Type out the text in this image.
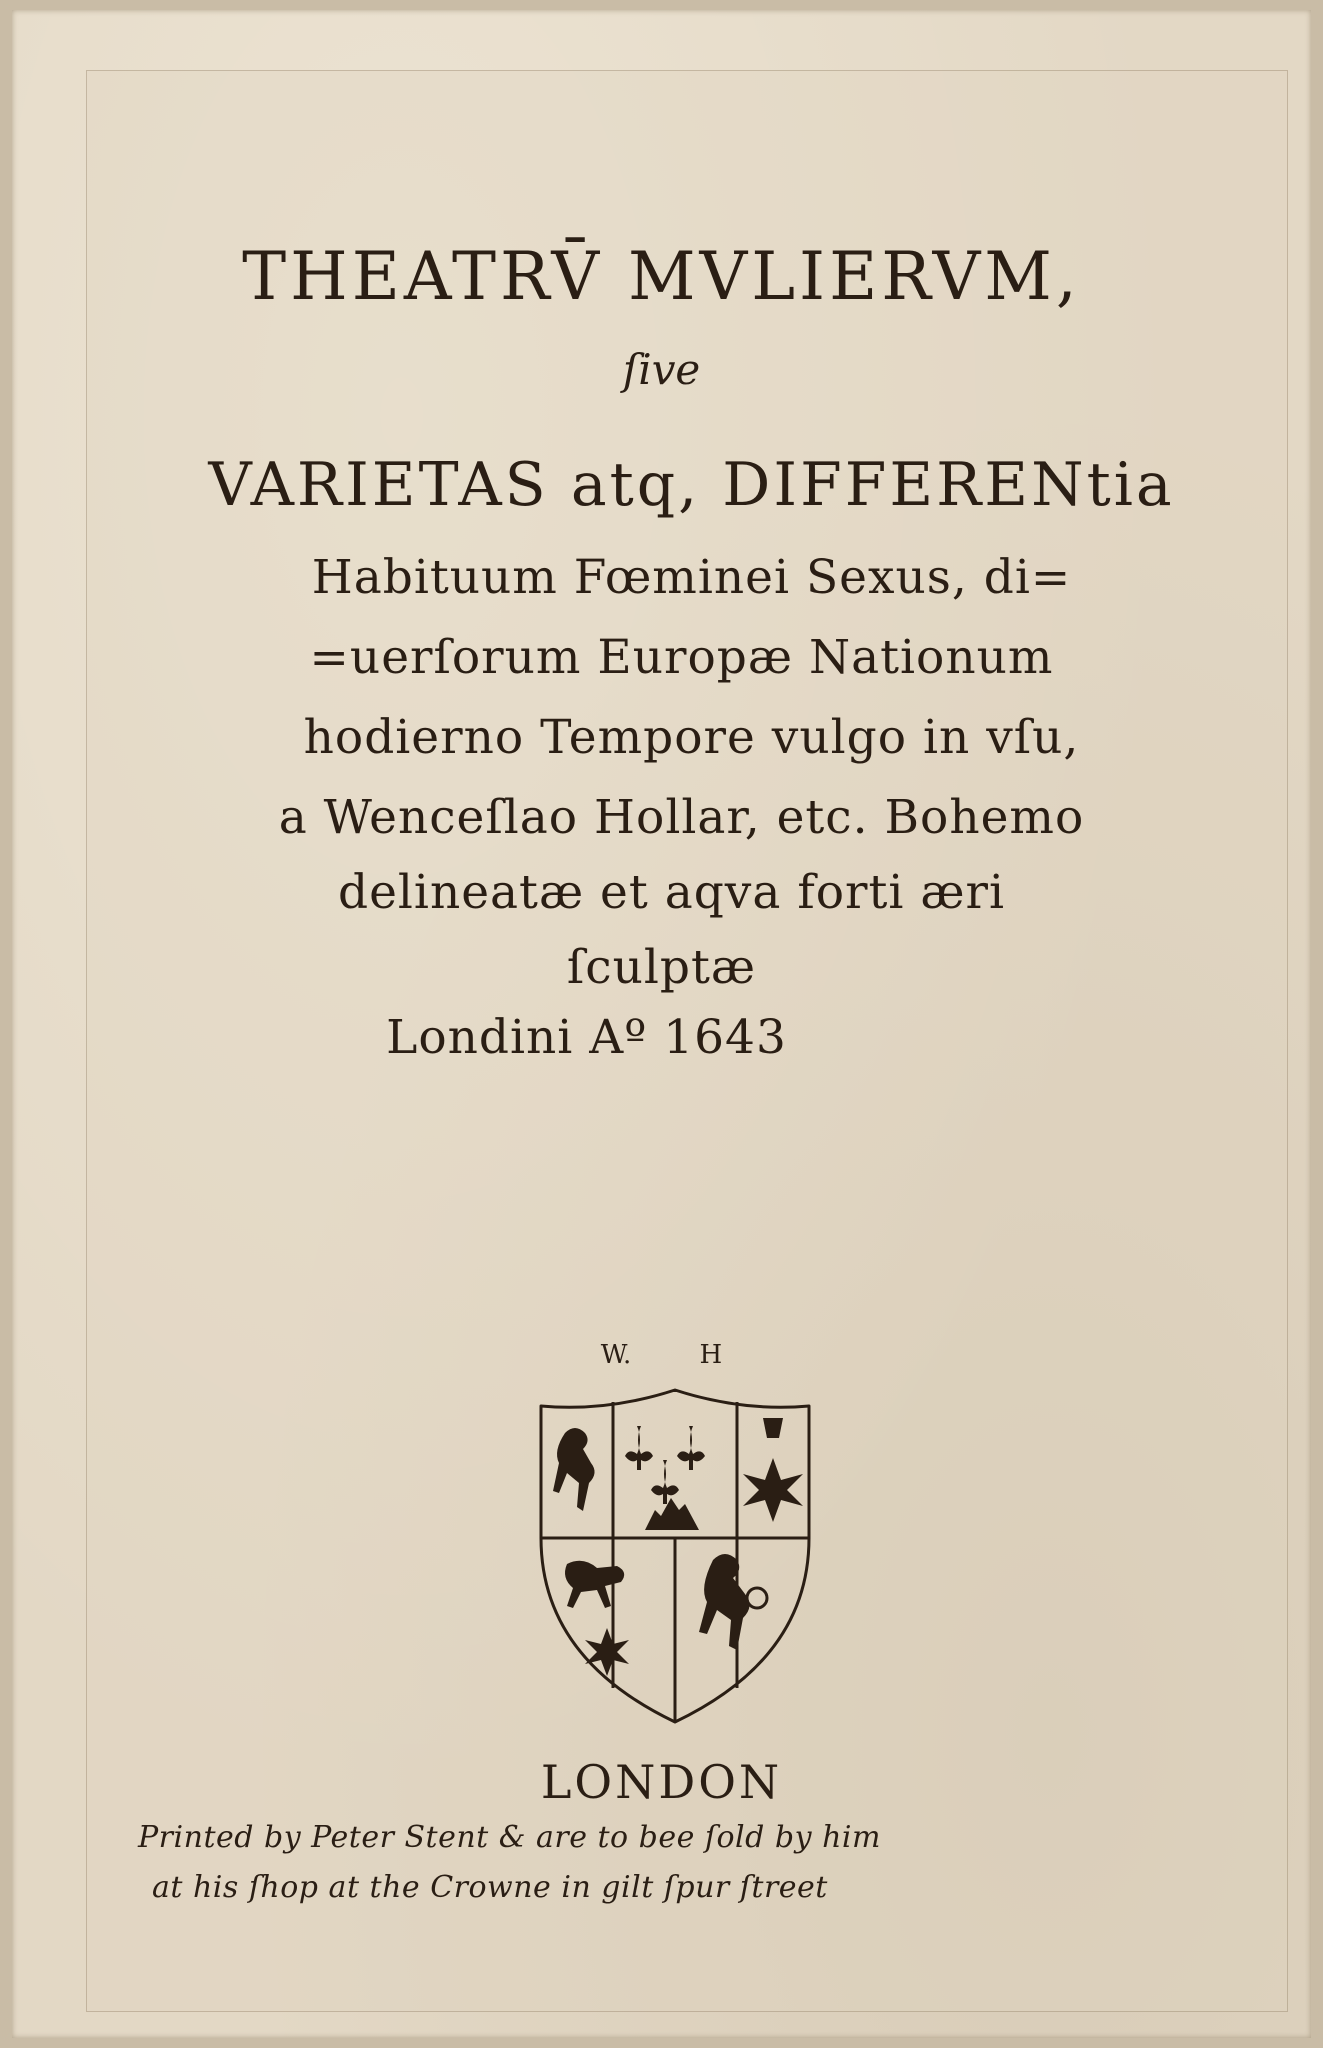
THEATRV̄ MVLIERVM,
ſive
VARIETAS atq, DIFFERENtia
Habituum Fœminei Sexus, di=
=uerſorum Europæ Nationum
hodierno Tempore vulgo in vſu,
a Wenceſlao Hollar, etc. Bohemo
delineatæ et aqva forti æri
ſculptæ
Londini Aº 1643
W.	H
LONDON
Printed by Peter Stent & are to bee ſold by him
at his ſhop at the Crowne in gilt ſpur ſtreet
